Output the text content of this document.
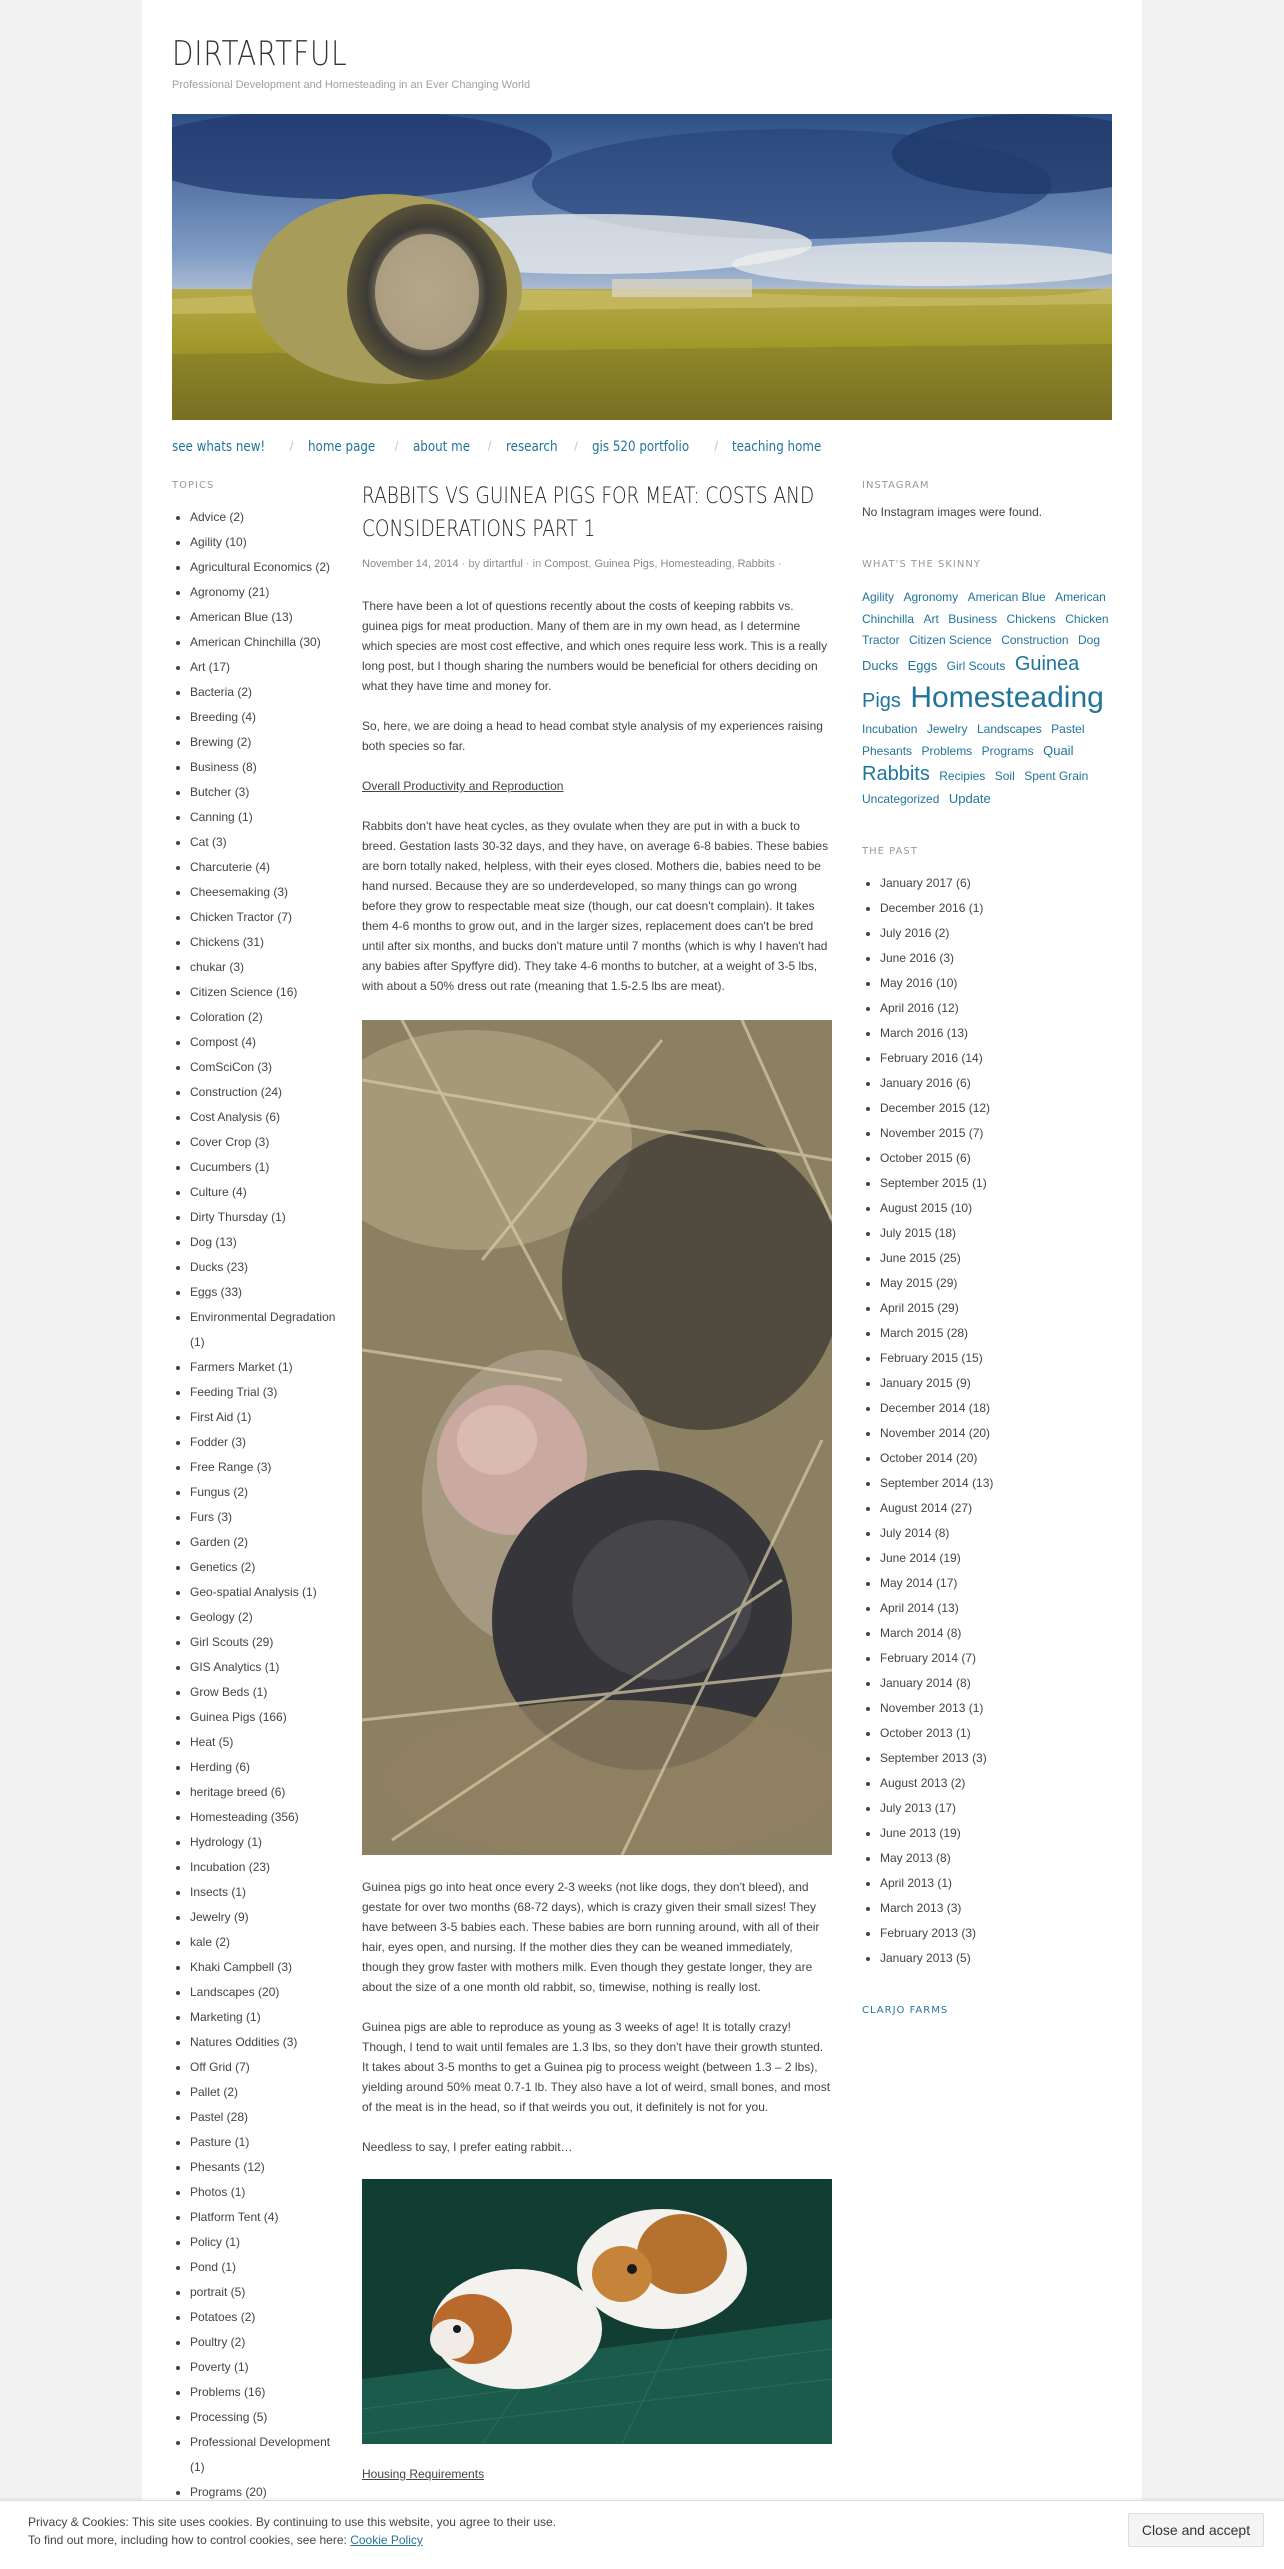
DIRTARTFUL
Professional Development and Homesteading in an Ever Changing World
see whats new! / home page / about me / research / gis 520 portfolio / teaching home
TOPICS
• Advice (2)
• Agility (10)
• Agricultural Economics (2)
• Agronomy (21)
• American Blue (13)
• American Chinchilla (30)
• Art (17)
• Bacteria (2)
• Breeding (4)
• Brewing (2)
• Business (8)
• Butcher (3)
• Canning (1)
• Cat (3)
• Charcuterie (4)
• Cheesemaking (3)
• Chicken Tractor (7)
• Chickens (31)
• chukar (3)
• Citizen Science (16)
• Coloration (2)
• Compost (4)
• ComSciCon (3)
• Construction (24)
• Cost Analysis (6)
• Cover Crop (3)
• Cucumbers (1)
• Culture (4)
• Dirty Thursday (1)
• Dog (13)
• Ducks (23)
• Eggs (33)
• Environmental Degradation (1)
• Farmers Market (1)
• Feeding Trial (3)
• First Aid (1)
• Fodder (3)
• Free Range (3)
• Fungus (2)
• Furs (3)
• Garden (2)
• Genetics (2)
• Geo-spatial Analysis (1)
• Geology (2)
• Girl Scouts (29)
• GIS Analytics (1)
• Grow Beds (1)
• Guinea Pigs (166)
• Heat (5)
• Herding (6)
• heritage breed (6)
• Homesteading (356)
• Hydrology (1)
• Incubation (23)
• Insects (1)
• Jewelry (9)
• kale (2)
• Khaki Campbell (3)
• Landscapes (20)
• Marketing (1)
• Natures Oddities (3)
• Off Grid (7)
• Pallet (2)
• Pastel (28)
• Pasture (1)
• Phesants (12)
• Photos (1)
• Platform Tent (4)
• Policy (1)
• Pond (1)
• portrait (5)
• Potatoes (2)
• Poultry (2)
• Poverty (1)
• Problems (16)
• Processing (5)
• Professional Development (1)
• Programs (20)
RABBITS VS GUINEA PIGS FOR MEAT: COSTS AND CONSIDERATIONS PART 1
November 14, 2014 · by dirtartful · in Compost, Guinea Pigs, Homesteading, Rabbits ·

There have been a lot of questions recently about the costs of keeping rabbits vs. guinea pigs for meat production. Many of them are in my own head, as I determine which species are most cost effective, and which ones require less work. This is a really long post, but I though sharing the numbers would be beneficial for others deciding on what they have time and money for.

So, here, we are doing a head to head combat style analysis of my experiences raising both species so far.

Overall Productivity and Reproduction

Rabbits don't have heat cycles, as they ovulate when they are put in with a buck to breed. Gestation lasts 30-32 days, and they have, on average 6-8 babies. These babies are born totally naked, helpless, with their eyes closed. Mothers die, babies need to be hand nursed. Because they are so underdeveloped, so many things can go wrong before they grow to respectable meat size (though, our cat doesn't complain). It takes them 4-6 months to grow out, and in the larger sizes, replacement does can't be bred until after six months, and bucks don't mature until 7 months (which is why I haven't had any babies after Spyffyre did). They take 4-6 months to butcher, at a weight of 3-5 lbs, with about a 50% dress out rate (meaning that 1.5-2.5 lbs are meat).

Guinea pigs go into heat once every 2-3 weeks (not like dogs, they don't bleed), and gestate for over two months (68-72 days), which is crazy given their small sizes! They have between 3-5 babies each. These babies are born running around, with all of their hair, eyes open, and nursing. If the mother dies they can be weaned immediately, though they grow faster with mothers milk. Even though they gestate longer, they are about the size of a one month old rabbit, so, timewise, nothing is really lost.

Guinea pigs are able to reproduce as young as 3 weeks of age! It is totally crazy! Though, I tend to wait until females are 1.3 lbs, so they don't have their growth stunted. It takes about 3-5 months to get a Guinea pig to process weight (between 1.3 – 2 lbs), yielding around 50% meat 0.7-1 lb. They also have a lot of weird, small bones, and most of the meat is in the head, so if that weirds you out, it definitely is not for you.

Needless to say, I prefer eating rabbit…

Housing Requirements

INSTAGRAM
No Instagram images were found.
WHAT'S THE SKINNY
Agility Agronomy American Blue American Chinchilla Art Business Chickens Chicken Tractor Citizen Science Construction Dog Ducks Eggs Girl Scouts Guinea Pigs Homesteading Incubation Jewelry Landscapes Pastel Phesants Problems Programs Quail Rabbits Recipies Soil Spent Grain Uncategorized Update
THE PAST
• January 2017 (6)
• December 2016 (1)
• July 2016 (2)
• June 2016 (3)
• May 2016 (10)
• April 2016 (12)
• March 2016 (13)
• February 2016 (14)
• January 2016 (6)
• December 2015 (12)
• November 2015 (7)
• October 2015 (6)
• September 2015 (1)
• August 2015 (10)
• July 2015 (18)
• June 2015 (25)
• May 2015 (29)
• April 2015 (29)
• March 2015 (28)
• February 2015 (15)
• January 2015 (9)
• December 2014 (18)
• November 2014 (20)
• October 2014 (20)
• September 2014 (13)
• August 2014 (27)
• July 2014 (8)
• June 2014 (19)
• May 2014 (17)
• April 2014 (13)
• March 2014 (8)
• February 2014 (7)
• January 2014 (8)
• November 2013 (1)
• October 2013 (1)
• September 2013 (3)
• August 2013 (2)
• July 2013 (17)
• June 2013 (19)
• May 2013 (8)
• April 2013 (1)
• March 2013 (3)
• February 2013 (3)
• January 2013 (5)
CLARJO FARMS
Privacy & Cookies: This site uses cookies. By continuing to use this website, you agree to their use.
To find out more, including how to control cookies, see here: Cookie Policy
Close and accept
